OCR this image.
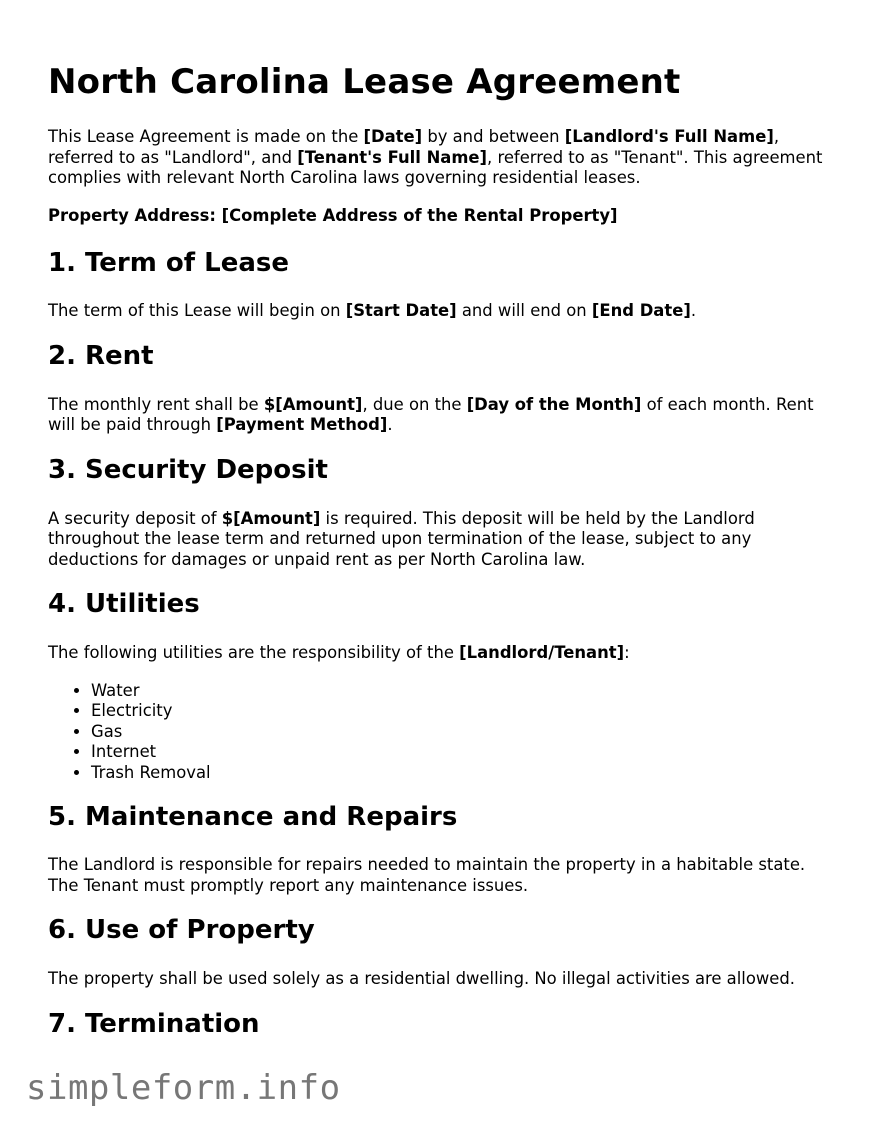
North Carolina Lease Agreement

This Lease Agreement is made on the [Date] by and between [Landlord's Full Name], referred to as "Landlord", and [Tenant's Full Name], referred to as "Tenant". This agreement complies with relevant North Carolina laws governing residential leases.

Property Address: [Complete Address of the Rental Property]

1. Term of Lease

The term of this Lease will begin on [Start Date] and will end on [End Date].

2. Rent

The monthly rent shall be $[Amount], due on the [Day of the Month] of each month. Rent will be paid through [Payment Method].

3. Security Deposit

A security deposit of $[Amount] is required. This deposit will be held by the Landlord throughout the lease term and returned upon termination of the lease, subject to any deductions for damages or unpaid rent as per North Carolina law.

4. Utilities

The following utilities are the responsibility of the [Landlord/Tenant]:

• Water
• Electricity
• Gas
• Internet
• Trash Removal
5. Maintenance and Repairs

The Landlord is responsible for repairs needed to maintain the property in a habitable state. The Tenant must promptly report any maintenance issues.

6. Use of Property

The property shall be used solely as a residential dwelling. No illegal activities are allowed.

7. Termination
simpleform.info
